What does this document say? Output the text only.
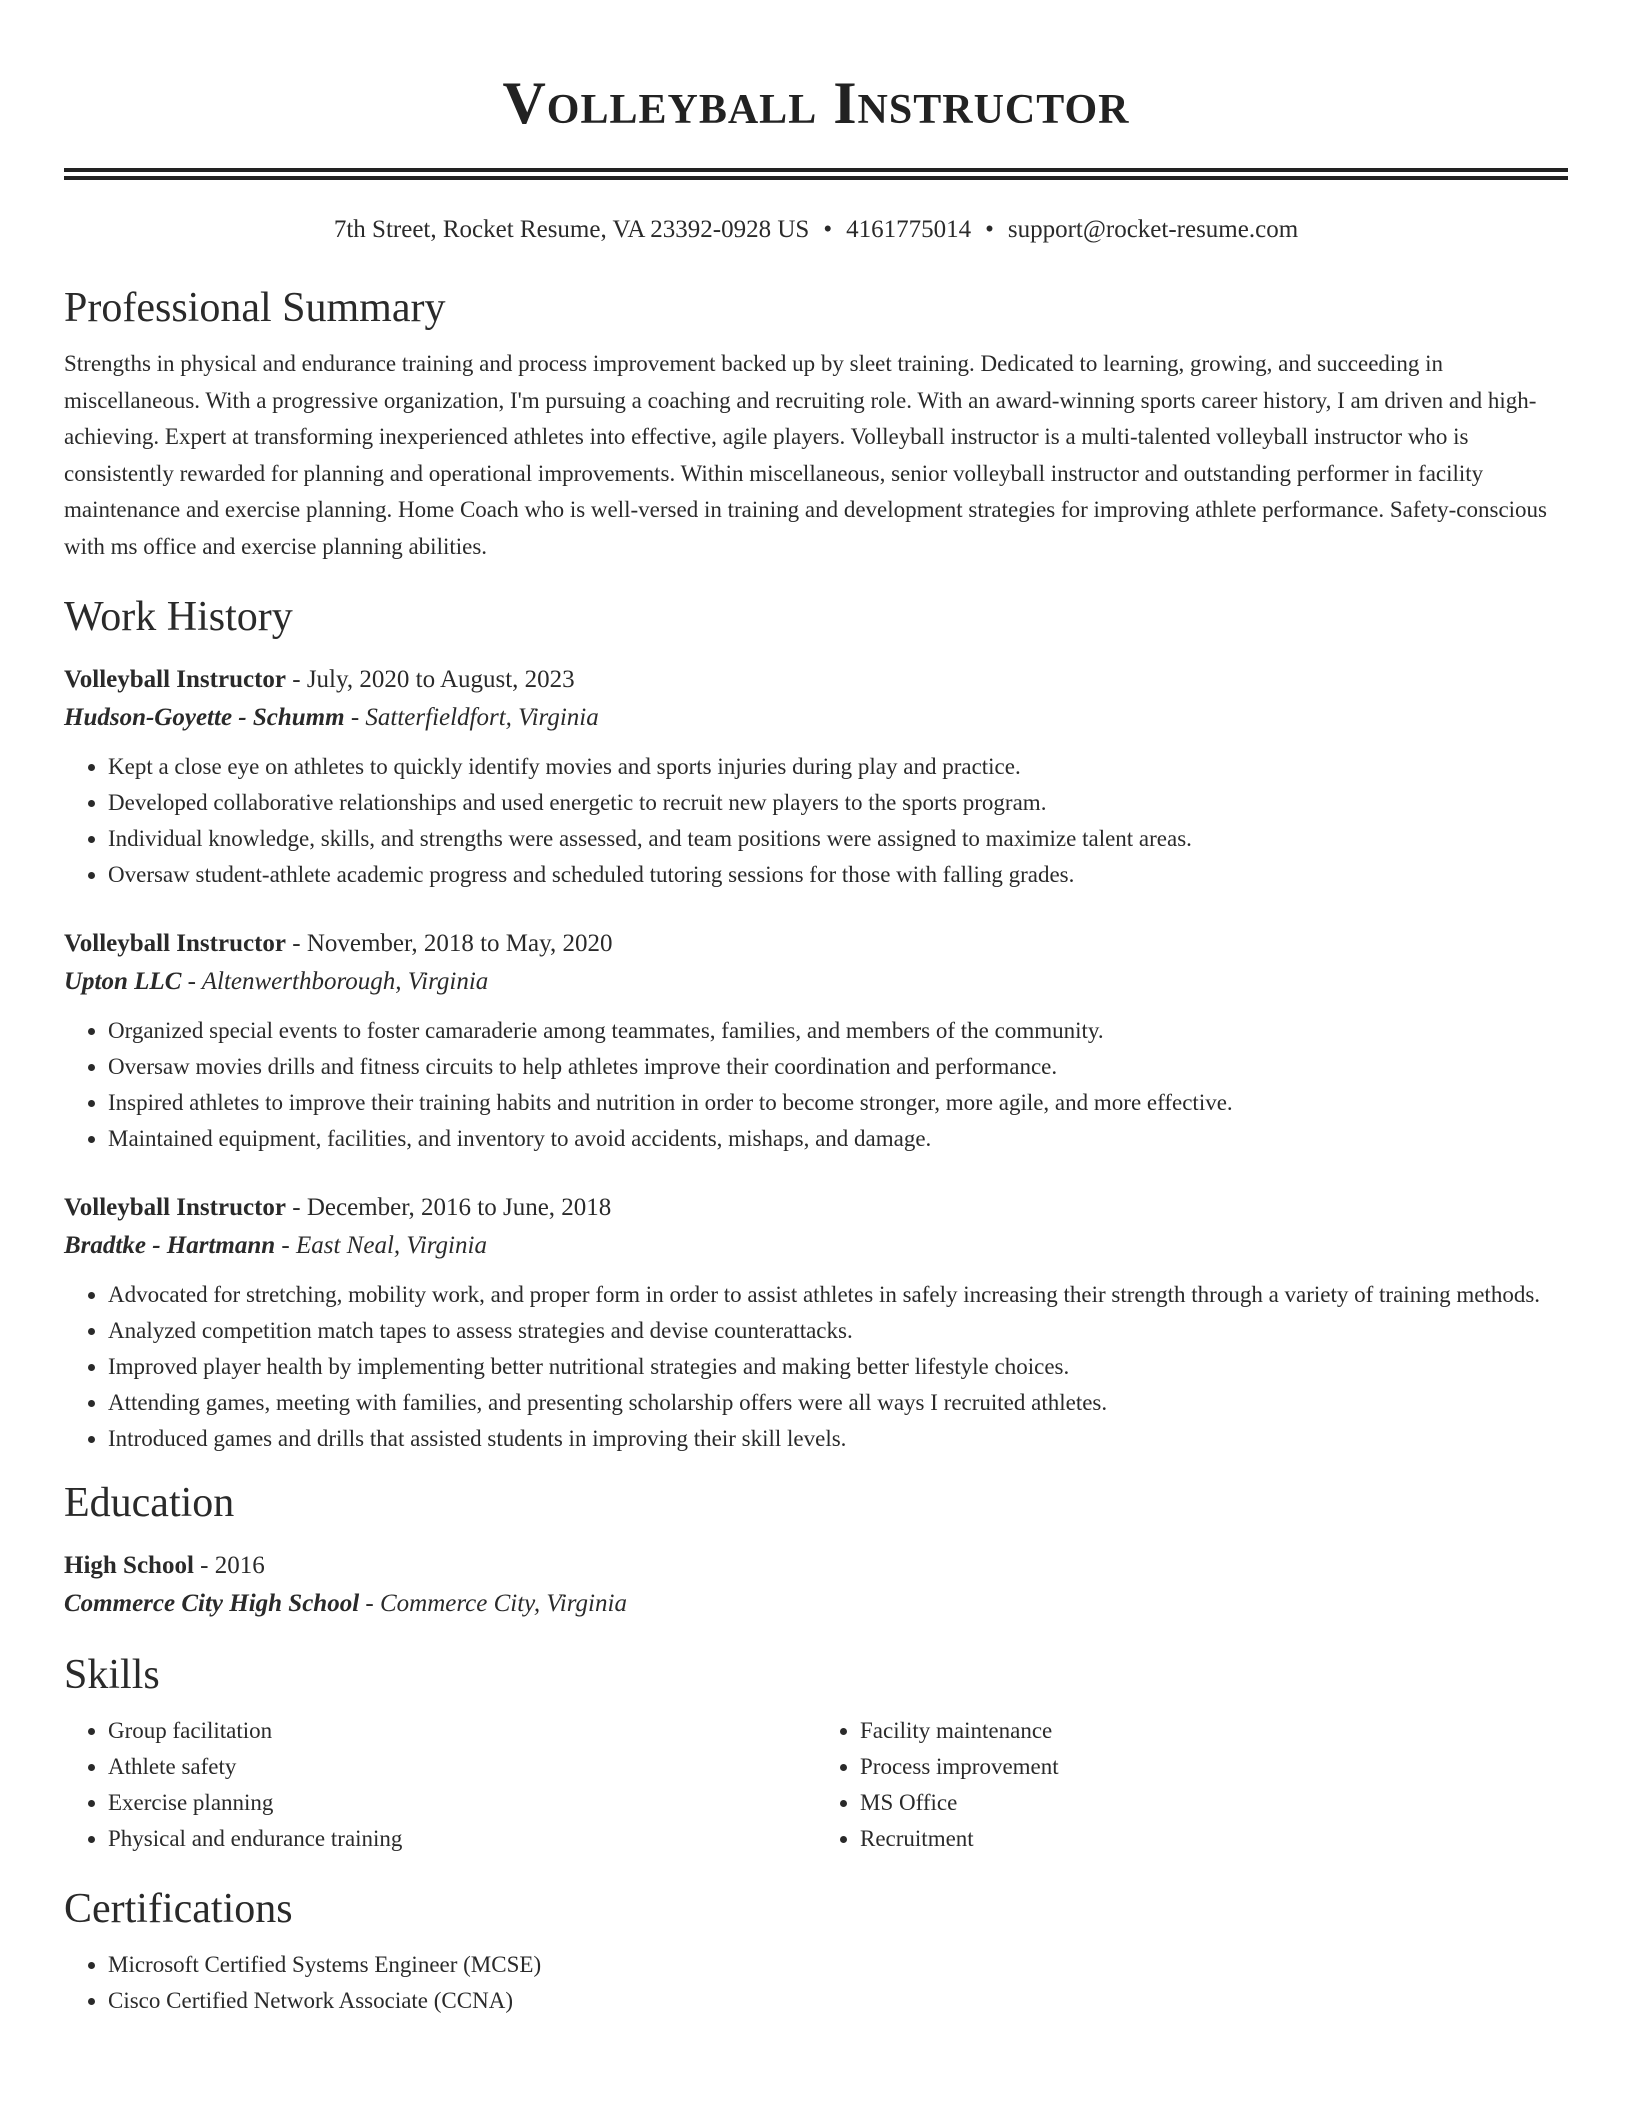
Volleyball Instructor
7th Street, Rocket Resume, VA 23392-0928 US • 4161775014 • support@rocket-resume.com
Professional Summary
Strengths in physical and endurance training and process improvement backed up by sleet training. Dedicated to learning, growing, and succeeding in miscellaneous. With a progressive organization, I'm pursuing a coaching and recruiting role. With an award-winning sports career history, I am driven and high-achieving. Expert at transforming inexperienced athletes into effective, agile players. Volleyball instructor is a multi-talented volleyball instructor who is consistently rewarded for planning and operational improvements. Within miscellaneous, senior volleyball instructor and outstanding performer in facility maintenance and exercise planning. Home Coach who is well-versed in training and development strategies for improving athlete performance. Safety-conscious with ms office and exercise planning abilities.
Work History
Volleyball Instructor - July, 2020 to August, 2023
Hudson-Goyette - Schumm - Satterfieldfort, Virginia
• Kept a close eye on athletes to quickly identify movies and sports injuries during play and practice.
• Developed collaborative relationships and used energetic to recruit new players to the sports program.
• Individual knowledge, skills, and strengths were assessed, and team positions were assigned to maximize talent areas.
• Oversaw student-athlete academic progress and scheduled tutoring sessions for those with falling grades.
Volleyball Instructor - November, 2018 to May, 2020
Upton LLC - Altenwerthborough, Virginia
• Organized special events to foster camaraderie among teammates, families, and members of the community.
• Oversaw movies drills and fitness circuits to help athletes improve their coordination and performance.
• Inspired athletes to improve their training habits and nutrition in order to become stronger, more agile, and more effective.
• Maintained equipment, facilities, and inventory to avoid accidents, mishaps, and damage.
Volleyball Instructor - December, 2016 to June, 2018
Bradtke - Hartmann - East Neal, Virginia
• Advocated for stretching, mobility work, and proper form in order to assist athletes in safely increasing their strength through a variety of training methods.
• Analyzed competition match tapes to assess strategies and devise counterattacks.
• Improved player health by implementing better nutritional strategies and making better lifestyle choices.
• Attending games, meeting with families, and presenting scholarship offers were all ways I recruited athletes.
• Introduced games and drills that assisted students in improving their skill levels.
Education
High School - 2016
Commerce City High School - Commerce City, Virginia
Skills
• Group facilitation
• Athlete safety
• Exercise planning
• Physical and endurance training
• Facility maintenance
• Process improvement
• MS Office
• Recruitment
Certifications
• Microsoft Certified Systems Engineer (MCSE)
• Cisco Certified Network Associate (CCNA)
